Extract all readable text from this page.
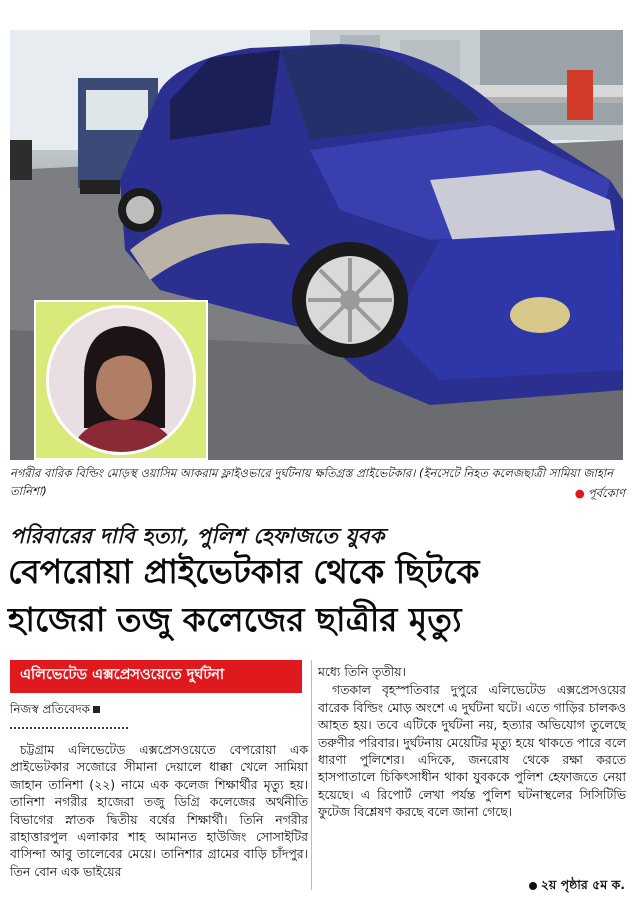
নগরীর বারিক বিল্ডিং মোড়স্থ ওয়াসিম আকরাম ফ্লাইওভারে দুর্ঘটনায় ক্ষতিগ্রস্ত প্রাইভেটকার। (ইনসেটে নিহত কলেজছাত্রী সামিয়া জাহান তানিশা)	● পূর্বকোণ
পরিবারের দাবি হত্যা, পুলিশ হেফাজতে যুবক
বেপরোয়া প্রাইভেটকার থেকে ছিটকে
হাজেরা তজু কলেজের ছাত্রীর মৃত্যু
এলিভেটেড এক্সপ্রেসওয়েতে দুর্ঘটনা
নিজস্ব প্রতিবেদক

চট্টগ্রাম এলিভেটেড এক্সপ্রেসওয়েতে বেপরোয়া এক প্রাইভেটকার সজোরে সীমানা দেয়ালে ধাক্কা খেলে সামিয়া জাহান তানিশা (২২) নামে এক কলেজ শিক্ষার্থীর মৃত্যু হয়। তানিশা নগরীর হাজেরা তজু ডিগ্রি কলেজের অর্থনীতি বিভাগের স্নাতক দ্বিতীয় বর্ষের শিক্ষার্থী। তিনি নগরীর রাহাত্তারপুল এলাকার শাহ আমানত হাউজিং সোসাইটির বাসিন্দা আবু তালেবের মেয়ে। তানিশার গ্রামের বাড়ি চাঁদপুর। তিন বোন এক ভাইয়ের

মধ্যে তিনি তৃতীয়।

গতকাল বৃহস্পতিবার দুপুরে এলিভেটেড এক্সপ্রেসওয়ের বারেক বিল্ডিং মোড় অংশে এ দুর্ঘটনা ঘটে। এতে গাড়ির চালকও আহত হয়। তবে এটিকে দুর্ঘটনা নয়, হত্যার অভিযোগ তুলেছে তরুণীর পরিবার। দুর্ঘটনায় মেয়েটির মৃত্যু হয়ে থাকতে পারে বলে ধারণা পুলিশের। এদিকে, জনরোষ থেকে রক্ষা করতে হাসপাতালে চিকিৎসাধীন থাকা যুবককে পুলিশ হেফাজতে নেয়া হয়েছে। এ রিপোর্ট লেখা পর্যন্ত পুলিশ ঘটনাস্থলের সিসিটিভি ফুটেজ বিশ্লেষণ করছে বলে জানা গেছে।

২য় পৃষ্ঠার ৫ম ক.
